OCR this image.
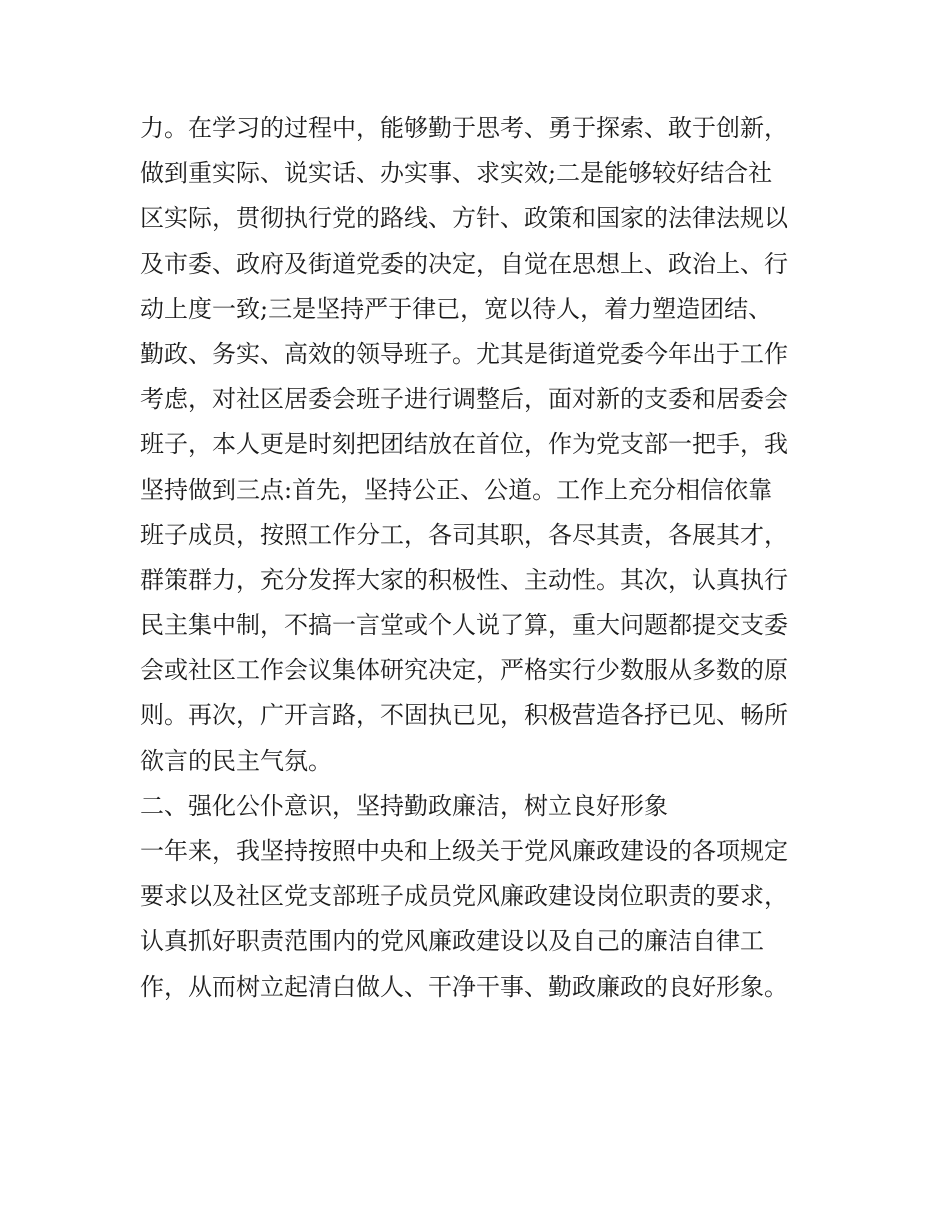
力。在学习的过程中，能够勤于思考、勇于探索、敢于创新，
做到重实际、说实话、办实事、求实效;二是能够较好结合社
区实际，贯彻执行党的路线、方针、政策和国家的法律法规以
及市委、政府及街道党委的决定，自觉在思想上、政治上、行
动上度一致;三是坚持严于律已，宽以待人，着力塑造团结、
勤政、务实、高效的领导班子。尤其是街道党委今年出于工作
考虑，对社区居委会班子进行调整后，面对新的支委和居委会
班子，本人更是时刻把团结放在首位，作为党支部一把手，我
坚持做到三点:首先，坚持公正、公道。工作上充分相信依靠
班子成员，按照工作分工，各司其职，各尽其责，各展其才，
群策群力，充分发挥大家的积极性、主动性。其次，认真执行
民主集中制，不搞一言堂或个人说了算，重大问题都提交支委
会或社区工作会议集体研究决定，严格实行少数服从多数的原
则。再次，广开言路，不固执已见，积极营造各抒已见、畅所
欲言的民主气氛。
二、强化公仆意识，坚持勤政廉洁，树立良好形象
一年来，我坚持按照中央和上级关于党风廉政建设的各项规定
要求以及社区党支部班子成员党风廉政建设岗位职责的要求，
认真抓好职责范围内的党风廉政建设以及自己的廉洁自律工
作，从而树立起清白做人、干净干事、勤政廉政的良好形象。
